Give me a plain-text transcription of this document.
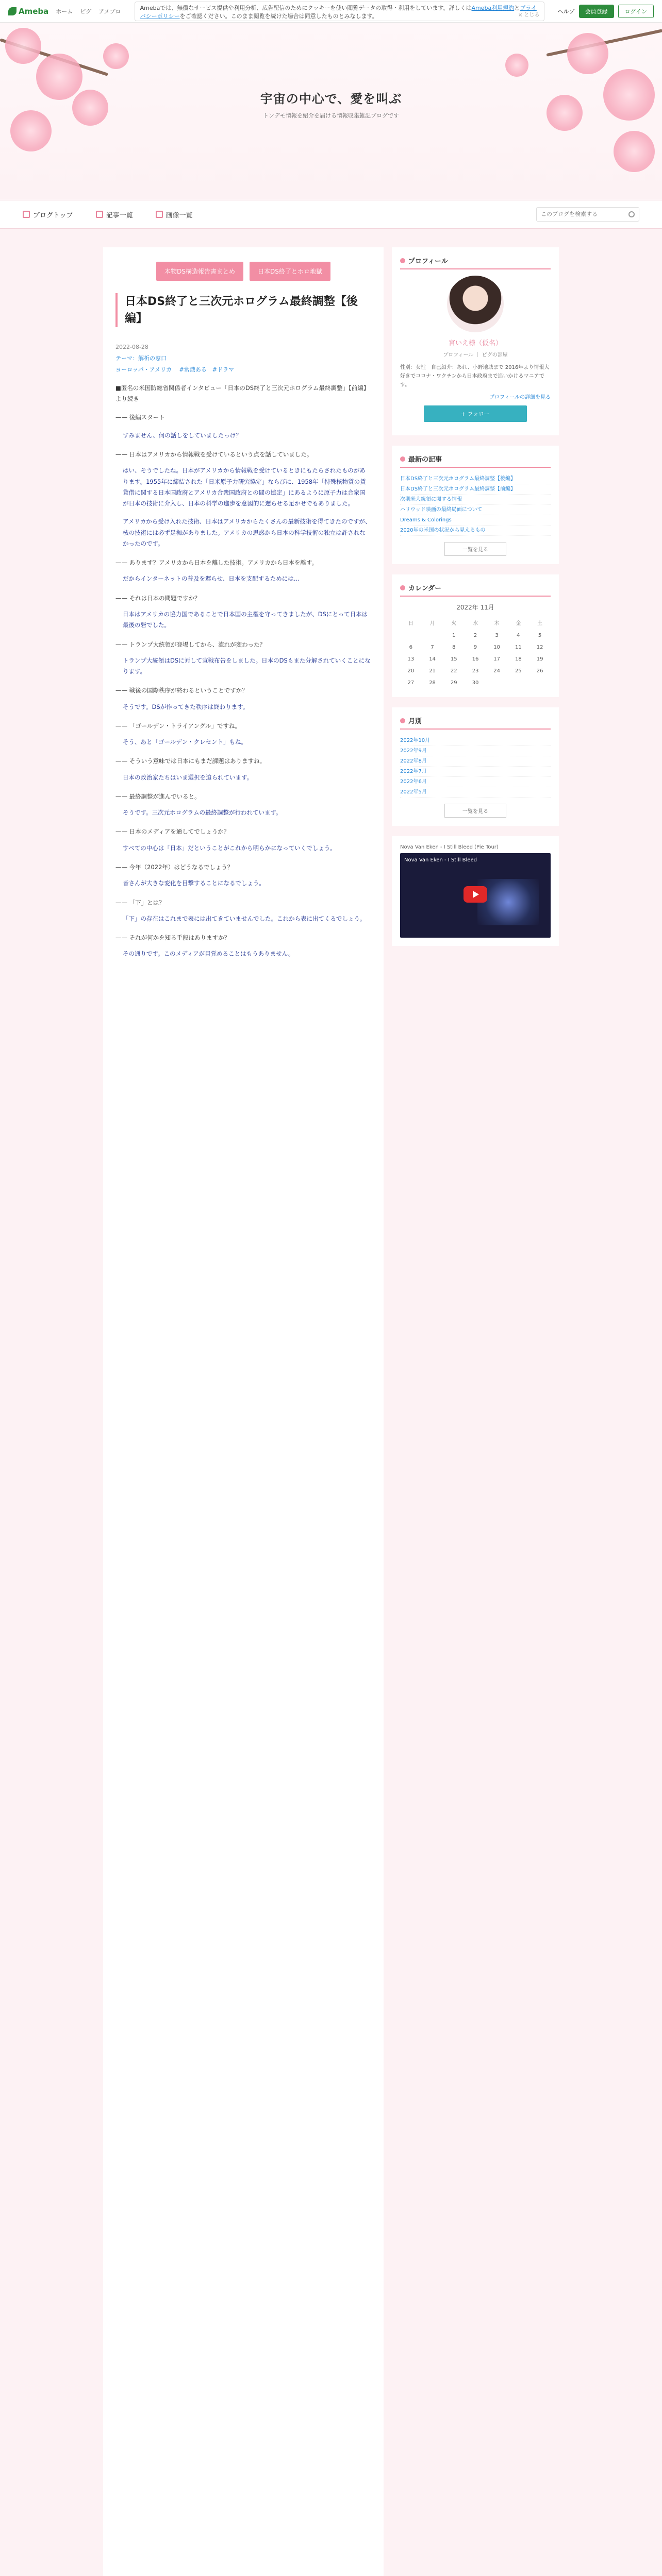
Ameba ホーム ピグ アメブロ
Amebaでは、無償なサービス提供や利用分析、広告配信のためにクッキーを使い閲覧データの取得・利用をしています。詳しくはAmeba利用規約とプライバシーポリシーをご確認ください。このまま閲覧を続けた場合は同意したものとみなします。	× とじる
ヘルプ	会員登録	ログイン
宇宙の中心で、愛を叫ぶ
トンデモ情報を紹介を届ける情報収集雑記ブログです
ブログトップ	記事一覧	画像一覧
このブログを検索する
本物DS構造報告書まとめ	日本DS終了とホロ地獄
日本DS終了と三次元ホログラム最終調整【後編】
2022-08-28
テーマ：解析の窓口
ヨーロッパ・アメリカ 　#常識ある　#ドラマ

■匿名の米国防総省関係者インタビュー「日本のDS終了と三次元ホログラム最終調整」【前編】より続き

—— 後編スタート

すみません、何の話しをしていましたっけ？

—— 日本はアメリカから情報戦を受けているという点を話していました。

はい、そうでしたね。日本がアメリカから情報戦を受けているときにもたらされたものがあります。1955年に締結された「日米原子力研究協定」ならびに、1958年「特殊核物質の賃貸借に関する日本国政府とアメリカ合衆国政府との間の協定」にあるように原子力は合衆国が日本の技術に介入し、日本の科学の進歩を意図的に遅らせる足かせでもありました。

アメリカから受け入れた技術、日本はアメリカからたくさんの最新技術を得てきたのですが、核の技術には必ず足枷がありました。アメリカの思惑から日本の科学技術の独立は許されなかったのです。

—— あります？アメリカから日本を離した技術。アメリカから日本を離す。

だからインターネットの普及を遅らせ、日本を支配するためには…

—— それは日本の問題ですか？

日本はアメリカの協力国であることで日本国の主権を守ってきましたが、DSにとって日本は最後の砦でした。

—— トランプ大統領が登場してから、流れが変わった？

トランプ大統領はDSに対して宣戦布告をしました。日本のDSもまた分解されていくことになります。

—— 戦後の国際秩序が終わるということですか？

そうです。DSが作ってきた秩序は終わります。

—— 「ゴールデン・トライアングル」ですね。

そう、あと「ゴールデン・クレセント」もね。

—— そういう意味では日本にもまだ課題はありますね。

日本の政治家たちはいま選択を迫られています。

—— 最終調整が進んでいると。

そうです。三次元ホログラムの最終調整が行われています。

—— 日本のメディアを通してでしょうか？

すべての中心は「日本」だということがこれから明らかになっていくでしょう。

—— 今年（2022年）はどうなるでしょう？

皆さんが大きな変化を目撃することになるでしょう。

—— 「下」とは？

「下」の存在はこれまで表には出てきていませんでした。これから表に出てくるでしょう。

—— それが何かを知る手段はありますか？

その通りです。このメディアが目覚めることはもうありません。

プロフィール
宮いえ様（仮名）
プロフィール ｜ ピグの部屋
性別：女性　自己紹介：あれ、小野地域まで 2016年より情報大好きでコロナ・ワクチンから日本政府まで追いかけるマニアです。
プロフィールの詳細を見る
+ フォロー
最新の記事
日本DS終了と三次元ホログラム最終調整【後編】
日本DS終了と三次元ホログラム最終調整【前編】
次期米大統領に関する情報
ハリウッド映画の最終局面について
Dreams & Colorings
2020年の米国の状況から見えるもの
一覧を見る
カレンダー
2022年 11月
日	月	火	水	木	金	土
		1	2	3	4	5
6	7	8	9	10	11	12
13	14	15	16	17	18	19
20	21	22	23	24	25	26
27	28	29	30			
月別
2022年10月
2022年9月
2022年8月
2022年7月
2022年6月
2022年5月
一覧を見る
Nova Van Eken - I Still Bleed (Pie Tour)
Nova Van Eken - I Still Bleed
